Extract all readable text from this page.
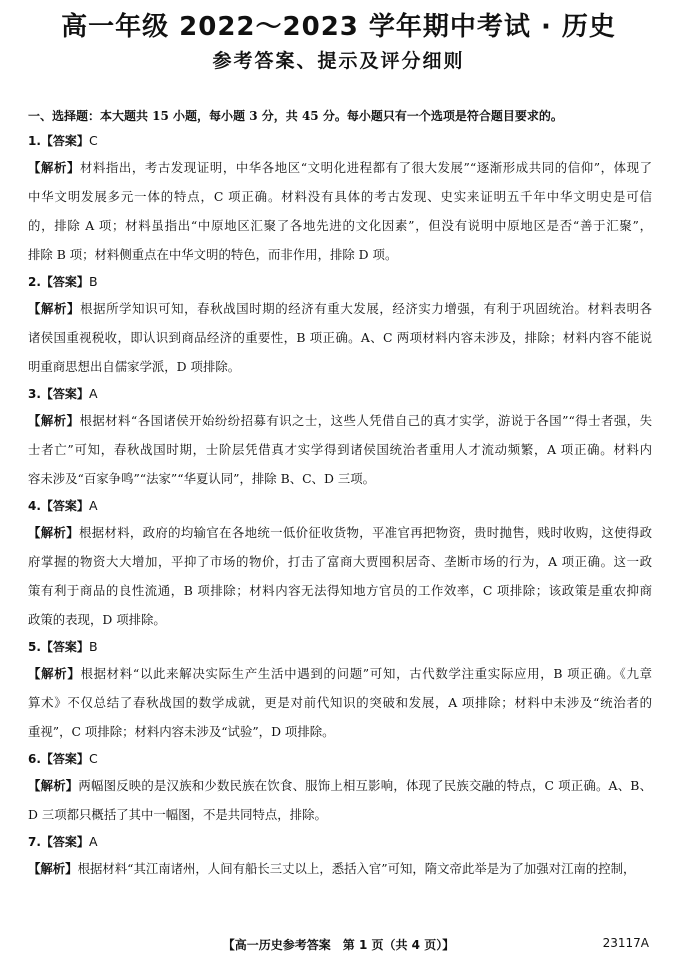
高一年级 2022～2023 学年期中考试 · 历史
参考答案、提示及评分细则
一、选择题：本大题共 15 小题，每小题 3 分，共 45 分。每小题只有一个选项是符合题目要求的。
1.【答案】C
【解析】材料指出，考古发现证明，中华各地区“文明化进程都有了很大发展”“逐渐形成共同的信仰”，体现了
中华文明发展多元一体的特点，C 项正确。材料没有具体的考古发现、史实来证明五千年中华文明史是可信
的，排除 A 项；材料虽指出“中原地区汇聚了各地先进的文化因素”，但没有说明中原地区是否“善于汇聚”，
排除 B 项；材料侧重点在中华文明的特色，而非作用，排除 D 项。
2.【答案】B
【解析】根据所学知识可知，春秋战国时期的经济有重大发展，经济实力增强，有利于巩固统治。材料表明各
诸侯国重视税收，即认识到商品经济的重要性，B 项正确。A、C 两项材料内容未涉及，排除；材料内容不能说
明重商思想出自儒家学派，D 项排除。
3.【答案】A
【解析】根据材料“各国诸侯开始纷纷招募有识之士，这些人凭借自己的真才实学，游说于各国”“得士者强，失
士者亡”可知，春秋战国时期，士阶层凭借真才实学得到诸侯国统治者重用人才流动频繁，A 项正确。材料内
容未涉及“百家争鸣”“法家”“华夏认同”，排除 B、C、D 三项。
4.【答案】A
【解析】根据材料，政府的均输官在各地统一低价征收货物，平准官再把物资，贵时抛售，贱时收购，这使得政
府掌握的物资大大增加，平抑了市场的物价，打击了富商大贾囤积居奇、垄断市场的行为，A 项正确。这一政
策有利于商品的良性流通，B 项排除；材料内容无法得知地方官员的工作效率，C 项排除；该政策是重农抑商
政策的表现，D 项排除。
5.【答案】B
【解析】根据材料“以此来解决实际生产生活中遇到的问题”可知，古代数学注重实际应用，B 项正确。《九章
算术》不仅总结了春秋战国的数学成就，更是对前代知识的突破和发展，A 项排除；材料中未涉及“统治者的
重视”，C 项排除；材料内容未涉及“试验”，D 项排除。
6.【答案】C
【解析】两幅图反映的是汉族和少数民族在饮食、服饰上相互影响，体现了民族交融的特点，C 项正确。A、B、
D 三项都只概括了其中一幅图，不是共同特点，排除。
7.【答案】A
【解析】根据材料“其江南诸州，人间有船长三丈以上，悉括入官”可知，隋文帝此举是为了加强对江南的控制，
【高一历史参考答案　第 1 页（共 4 页）】	23117A
